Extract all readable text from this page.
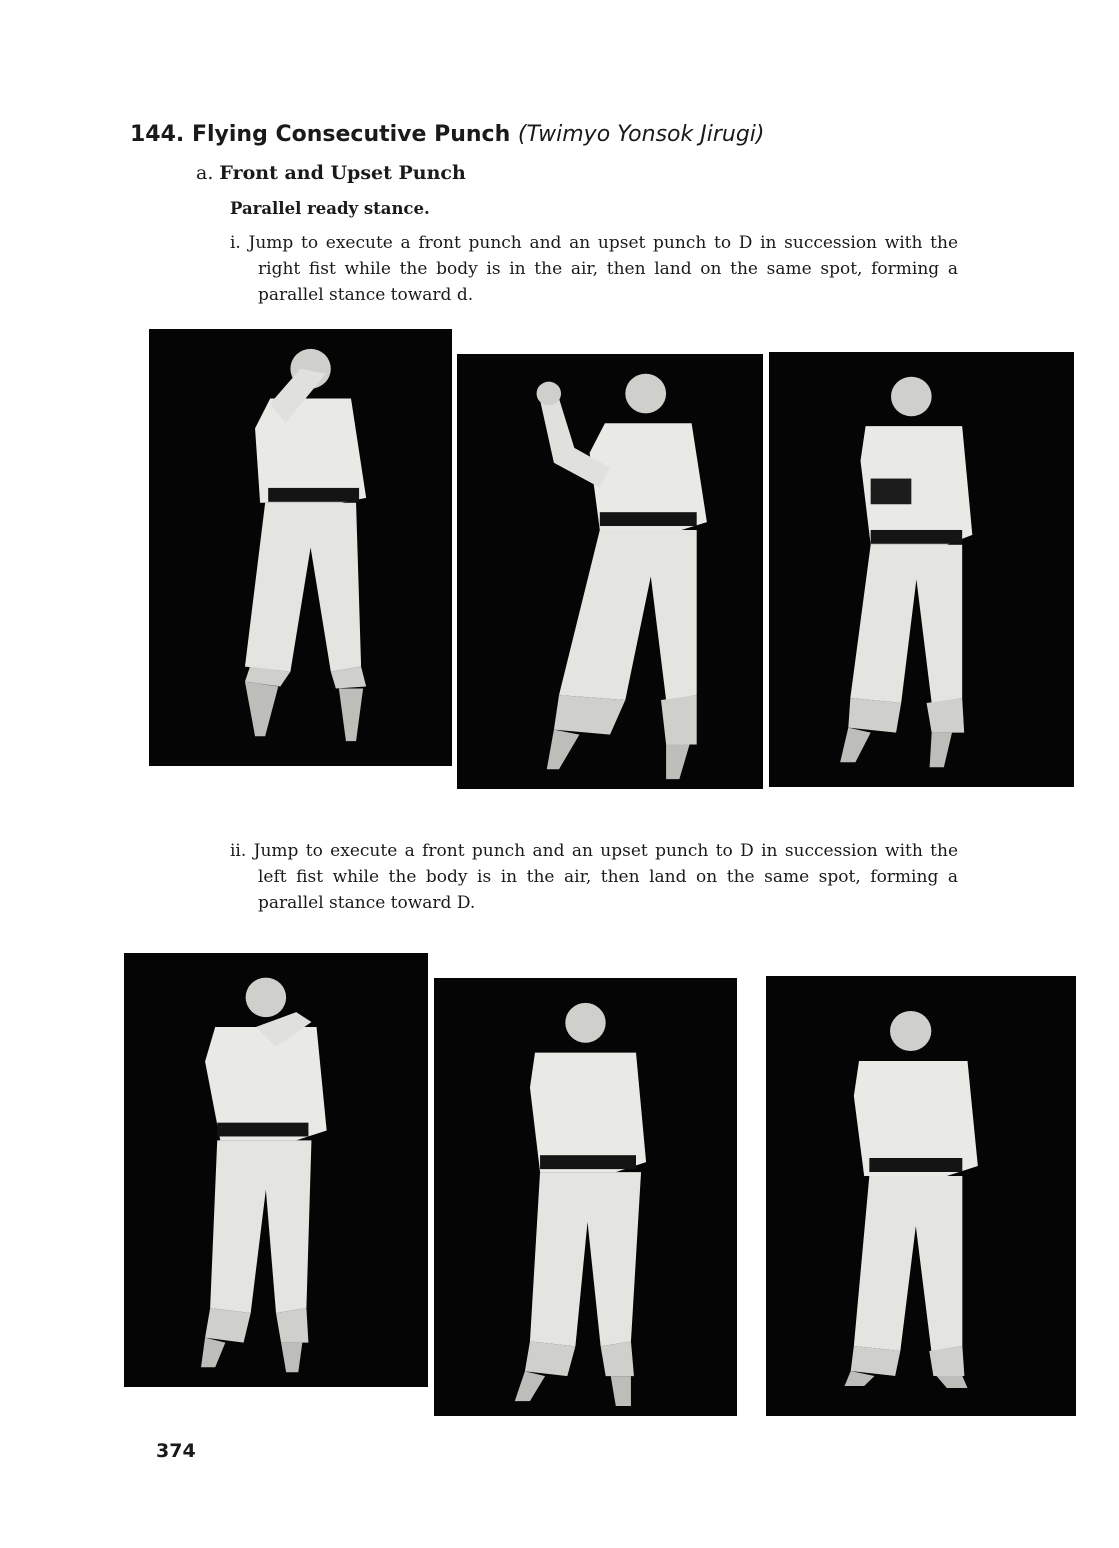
144. Flying Consecutive Punch (Twimyo Yonsok Jirugi)
a. Front and Upset Punch
Parallel ready stance.
i. Jump to execute a front punch and an upset punch to D in succession with the right fist while the body is in the air, then land on the same spot, forming a parallel stance toward d.
ii. Jump to execute a front punch and an upset punch to D in succession with the left fist while the body is in the air, then land on the same spot, forming a parallel stance toward D.
374
